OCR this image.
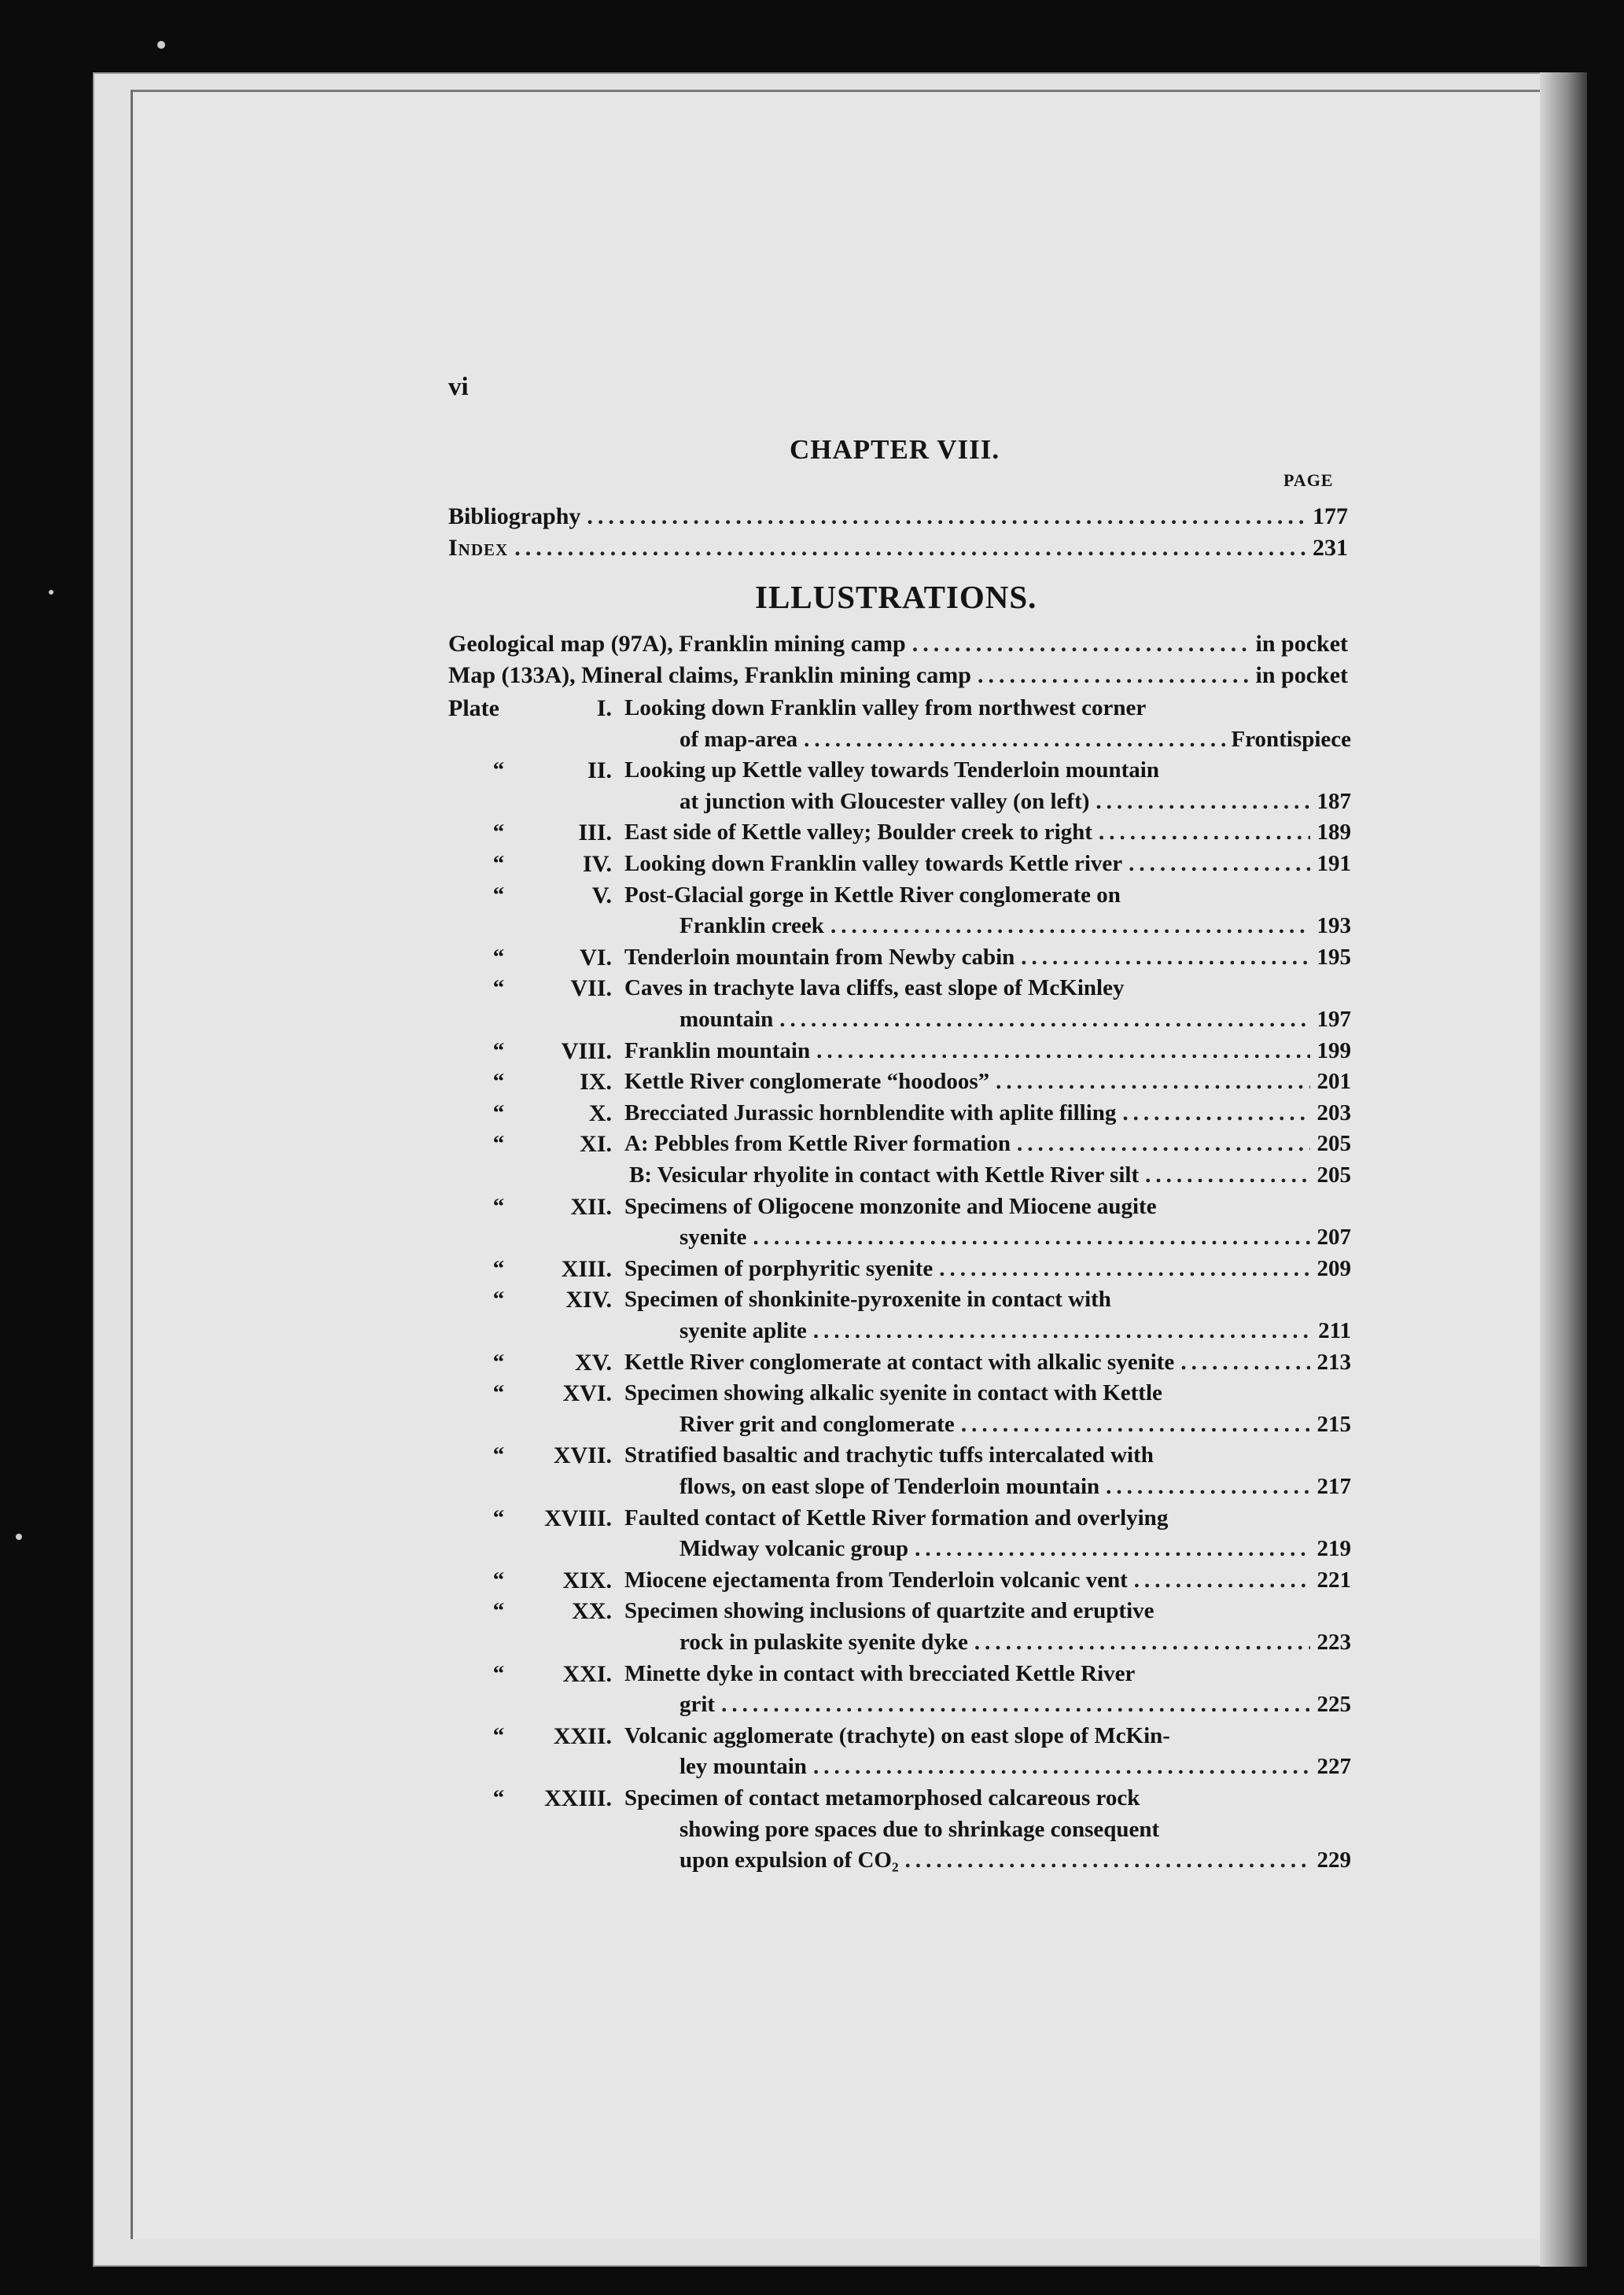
vi
CHAPTER VIII.
PAGE
Bibliography .....	177
Index .....	231
ILLUSTRATIONS.
Geological map (97A), Franklin mining camp .....	in pocket
Map (133A), Mineral claims, Franklin mining camp .....	in pocket
Plate	I. Looking down Franklin valley from northwest corner
of map-area .....	Frontispiece
“	II. Looking up Kettle valley towards Tenderloin mountain
at junction with Gloucester valley (on left) .....	187
“	III. East side of Kettle valley; Boulder creek to right .....	189
“	IV. Looking down Franklin valley towards Kettle river .....	191
“	V. Post-Glacial gorge in Kettle River conglomerate on
Franklin creek .....	193
“	VI. Tenderloin mountain from Newby cabin .....	195
“	VII. Caves in trachyte lava cliffs, east slope of McKinley
mountain .....	197
“	VIII. Franklin mountain .....	199
“	IX. Kettle River conglomerate “hoodoos” .....	201
“	X. Brecciated Jurassic hornblendite with aplite filling .....	203
“	XI. A: Pebbles from Kettle River formation .....	205
B: Vesicular rhyolite in contact with Kettle River silt .....	205
“	XII. Specimens of Oligocene monzonite and Miocene augite
syenite .....	207
“	XIII. Specimen of porphyritic syenite .....	209
“	XIV. Specimen of shonkinite-pyroxenite in contact with
syenite aplite .....	211
“	XV. Kettle River conglomerate at contact with alkalic syenite .....	213
“	XVI. Specimen showing alkalic syenite in contact with Kettle
River grit and conglomerate .....	215
“	XVII. Stratified basaltic and trachytic tuffs intercalated with
flows, on east slope of Tenderloin mountain .....	217
“	XVIII. Faulted contact of Kettle River formation and overlying
Midway volcanic group .....	219
“	XIX. Miocene ejectamenta from Tenderloin volcanic vent .....	221
“	XX. Specimen showing inclusions of quartzite and eruptive
rock in pulaskite syenite dyke .....	223
“	XXI. Minette dyke in contact with brecciated Kettle River
grit .....	225
“	XXII. Volcanic agglomerate (trachyte) on east slope of McKin-
ley mountain .....	227
“	XXIII. Specimen of contact metamorphosed calcareous rock
showing pore spaces due to shrinkage consequent
upon expulsion of CO₂ .....	229
